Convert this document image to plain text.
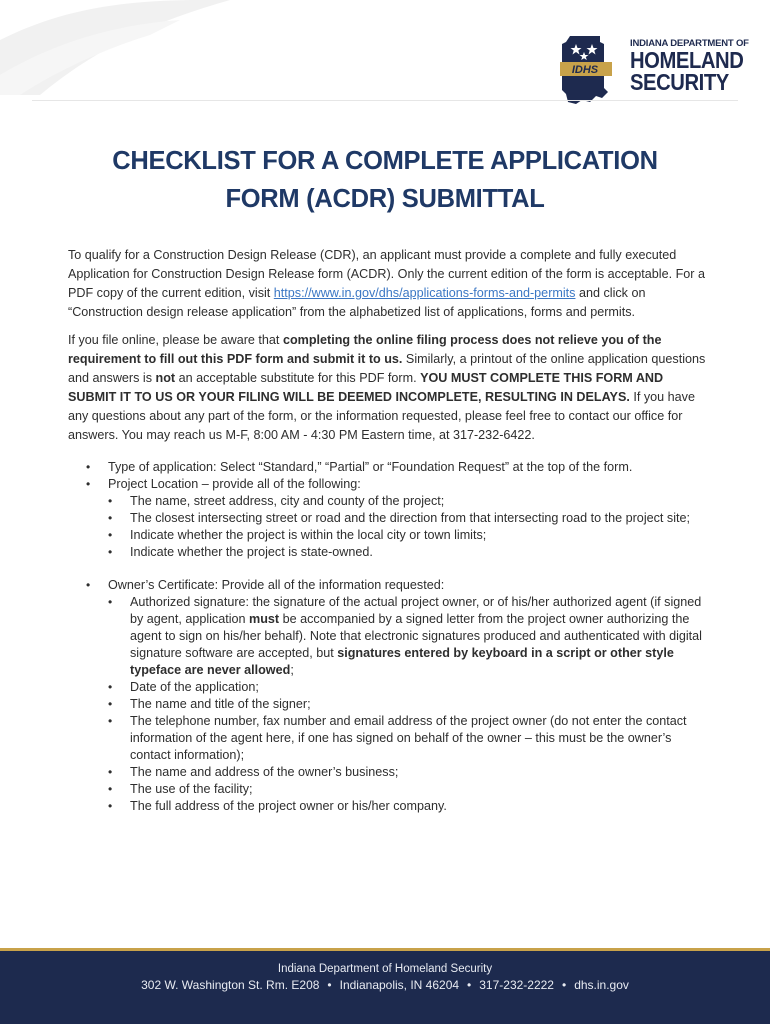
IDHS
INDIANA DEPARTMENT OF
HOMELAND
SECURITY
CHECKLIST FOR A COMPLETE APPLICATION
FORM (ACDR) SUBMITTAL

To qualify for a Construction Design Release (CDR), an applicant must provide a complete and fully executed Application for Construction Design Release form (ACDR). Only the current edition of the form is acceptable. For a PDF copy of the current edition, visit https://www.in.gov/dhs/applications-forms-and-permits and click on “Construction design release application” from the alphabetized list of applications, forms and permits.

If you file online, please be aware that completing the online filing process does not relieve you of the requirement to fill out this PDF form and submit it to us. Similarly, a printout of the online application questions and answers is not an acceptable substitute for this PDF form. YOU MUST COMPLETE THIS FORM AND SUBMIT IT TO US OR YOUR FILING WILL BE DEEMED INCOMPLETE, RESULTING IN DELAYS. If you have any questions about any part of the form, or the information requested, please feel free to contact our office for answers. You may reach us M-F, 8:00 AM - 4:30 PM Eastern time, at 317-232-6422.

• Type of application: Select “Standard,” “Partial” or “Foundation Request” at the top of the form.
• Project Location – provide all of the following:
• The name, street address, city and county of the project;
• The closest intersecting street or road and the direction from that intersecting road to the project site;
• Indicate whether the project is within the local city or town limits;
• Indicate whether the project is state-owned.
• Owner’s Certificate: Provide all of the information requested:
• Authorized signature: the signature of the actual project owner, or of his/her authorized agent (if signed by agent, application must be accompanied by a signed letter from the project owner authorizing the agent to sign on his/her behalf). Note that electronic signatures produced and authenticated with digital signature software are accepted, but signatures entered by keyboard in a script or other style typeface are never allowed;
• Date of the application;
• The name and title of the signer;
• The telephone number, fax number and email address of the project owner (do not enter the contact information of the agent here, if one has signed on behalf of the owner – this must be the owner’s contact information);
• The name and address of the owner’s business;
• The use of the facility;
• The full address of the project owner or his/her company.
Indiana Department of Homeland Security
302 W. Washington St. Rm. E208 • Indianapolis, IN 46204 • 317-232-2222 • dhs.in.gov
